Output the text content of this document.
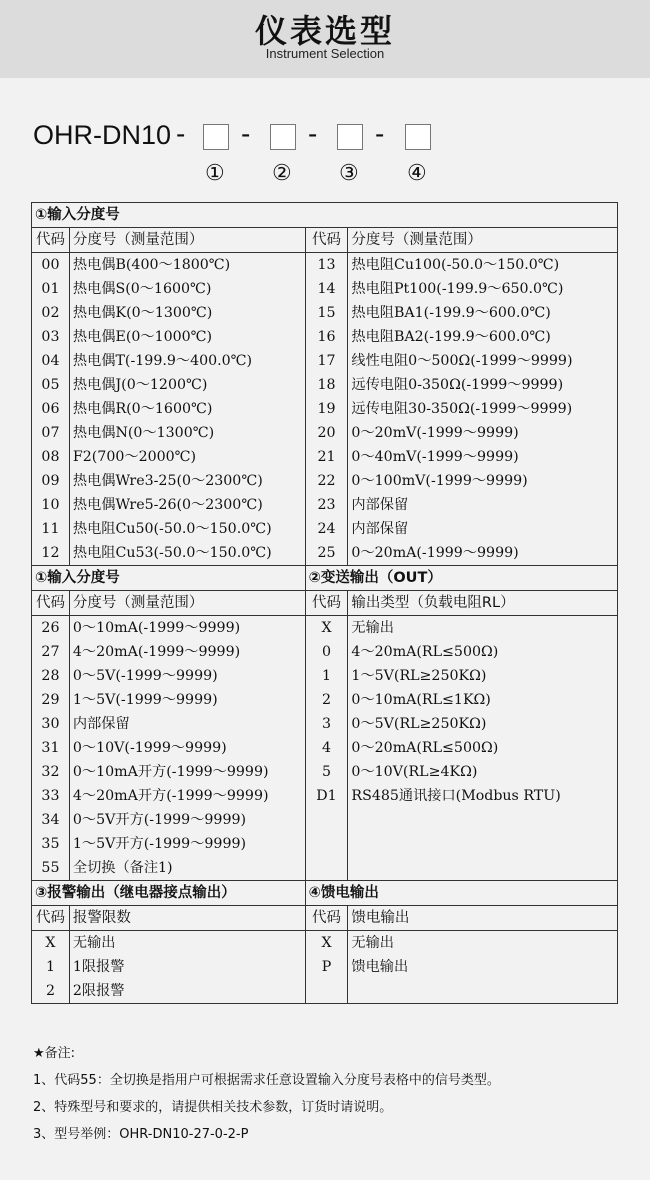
仪表选型
Instrument Selection
OHR-DN10 - - - -
① ② ③ ④
①输入分度号			
代码	分度号（测量范围）	代码	分度号（测量范围）
00	热电偶B(400～1800℃)	13	热电阻Cu100(-50.0～150.0℃)
01	热电偶S(0～1600℃)	14	热电阻Pt100(-199.9～650.0℃)
02	热电偶K(0～1300℃)	15	热电阻BA1(-199.9～600.0℃)
03	热电偶E(0～1000℃)	16	热电阻BA2(-199.9～600.0℃)
04	热电偶T(-199.9～400.0℃)	17	线性电阻0～500Ω(-1999～9999)
05	热电偶J(0～1200℃)	18	远传电阻0-350Ω(-1999～9999)
06	热电偶R(0～1600℃)	19	远传电阻30-350Ω(-1999～9999)
07	热电偶N(0～1300℃)	20	0～20mV(-1999～9999)
08	F2(700～2000℃)	21	0～40mV(-1999～9999)
09	热电偶Wre3-25(0～2300℃)	22	0～100mV(-1999～9999)
10	热电偶Wre5-26(0～2300℃)	23	内部保留
11	热电阻Cu50(-50.0～150.0℃)	24	内部保留
12	热电阻Cu53(-50.0～150.0℃)	25	0～20mA(-1999～9999)
①输入分度号		②变送输出（OUT）	
代码	分度号（测量范围）	代码	输出类型（负载电阻RL）
26	0～10mA(-1999～9999)	X	无输出
27	4～20mA(-1999～9999)	0	4～20mA(RL≤500Ω)
28	0～5V(-1999～9999)	1	1～5V(RL≥250KΩ)
29	1～5V(-1999～9999)	2	0～10mA(RL≤1KΩ)
30	内部保留	3	0～5V(RL≥250KΩ)
31	0～10V(-1999～9999)	4	0～20mA(RL≤500Ω)
32	0～10mA开方(-1999～9999)	5	0～10V(RL≥4KΩ)
33	4～20mA开方(-1999～9999)	D1	RS485通讯接口(Modbus RTU)
34	0～5V开方(-1999～9999)		
35	1～5V开方(-1999～9999)		
55	全切换（备注1)		
③报警输出（继电器接点输出）		④馈电输出	
代码	报警限数	代码	馈电输出
X	无输出	X	无输出
1	1限报警	P	馈电输出
2	2限报警		
★备注:
1、代码55：全切换是指用户可根据需求任意设置输入分度号表格中的信号类型。
2、特殊型号和要求的，请提供相关技术参数，订货时请说明。
3、型号举例：OHR-DN10-27-0-2-P
